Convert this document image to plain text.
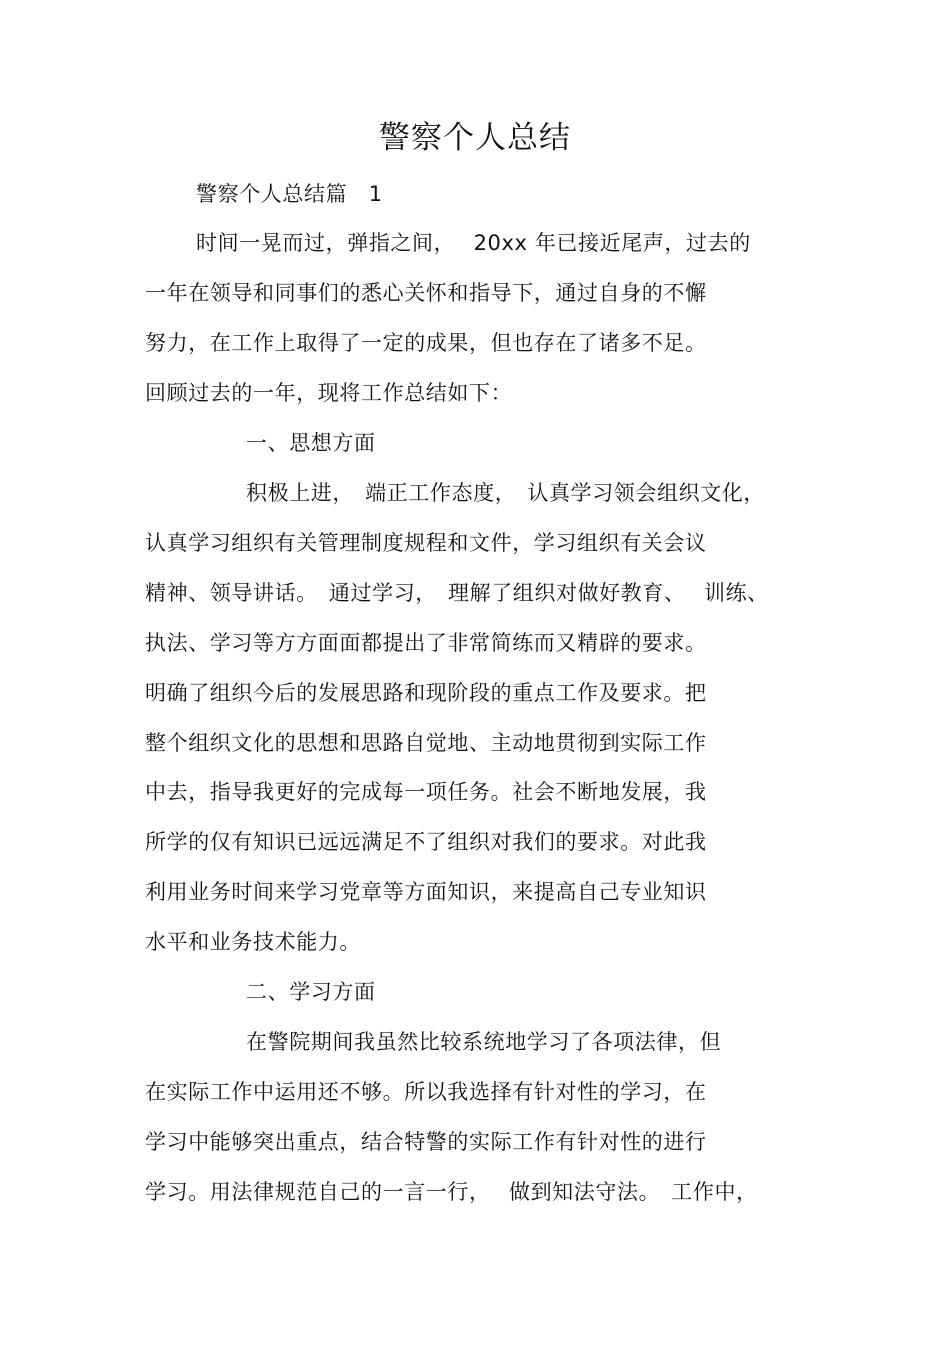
警察个人总结
警察个人总结篇　1
时间一晃而过，弹指之间，　 20xx 年已接近尾声，过去的
一年在领导和同事们的悉心关怀和指导下，通过自身的不懈
努力，在工作上取得了一定的成果，但也存在了诸多不足。
回顾过去的一年，现将工作总结如下：
一、思想方面
积极上进，　端正工作态度，　认真学习领会组织文化，
认真学习组织有关管理制度规程和文件，学习组织有关会议
精神、领导讲话。　通过学习，　理解了组织对做好教育、　 训练、
执法、学习等方方面面都提出了非常简练而又精辟的要求。
明确了组织今后的发展思路和现阶段的重点工作及要求。把
整个组织文化的思想和思路自觉地、主动地贯彻到实际工作
中去，指导我更好的完成每一项任务。社会不断地发展，我
所学的仅有知识已远远满足不了组织对我们的要求。对此我
利用业务时间来学习党章等方面知识，来提高自己专业知识
水平和业务技术能力。
二、学习方面
在警院期间我虽然比较系统地学习了各项法律，但
在实际工作中运用还不够。所以我选择有针对性的学习，在
学习中能够突出重点，结合特警的实际工作有针对性的进行
学习。用法律规范自己的一言一行，　 做到知法守法。　工作中，
